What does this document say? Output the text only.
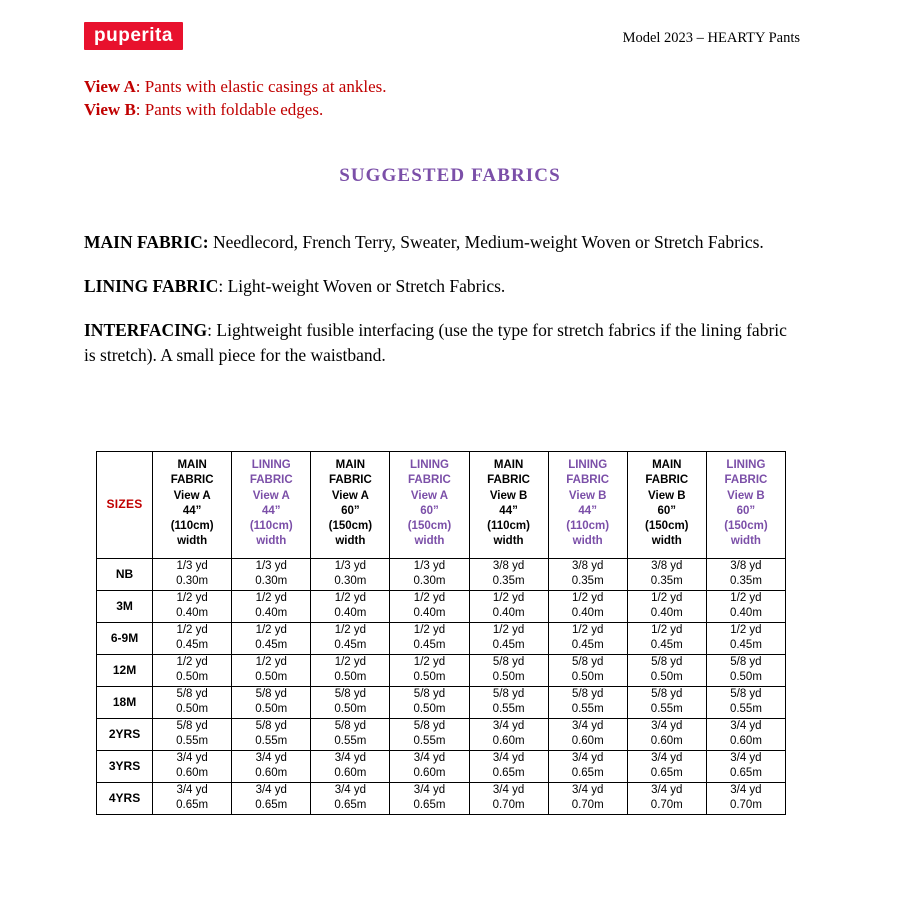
puperita	Model 2023 – HEARTY Pants
View A: Pants with elastic casings at ankles.
View B: Pants with foldable edges.
SUGGESTED FABRICS
MAIN FABRIC: Needlecord, French Terry, Sweater, Medium-weight Woven or Stretch Fabrics.
LINING FABRIC: Light-weight Woven or Stretch Fabrics.
INTERFACING: Lightweight fusible interfacing (use the type for stretch fabrics if the lining fabric is stretch). A small piece for the waistband.
SIZES	MAIN
FABRIC
View A
44”
(110cm)
width	LINING
FABRIC
View A
44”
(110cm)
width	MAIN
FABRIC
View A
60”
(150cm)
width	LINING
FABRIC
View A
60”
(150cm)
width	MAIN
FABRIC
View B
44”
(110cm)
width	LINING
FABRIC
View B
44”
(110cm)
width	MAIN
FABRIC
View B
60”
(150cm)
width	LINING
FABRIC
View B
60”
(150cm)
width
NB	1/3 yd
0.30m	1/3 yd
0.30m	1/3 yd
0.30m	1/3 yd
0.30m	3/8 yd
0.35m	3/8 yd
0.35m	3/8 yd
0.35m	3/8 yd
0.35m

3M	1/2 yd
0.40m	1/2 yd
0.40m	1/2 yd
0.40m	1/2 yd
0.40m	1/2 yd
0.40m	1/2 yd
0.40m	1/2 yd
0.40m	1/2 yd
0.40m

6-9M	1/2 yd
0.45m	1/2 yd
0.45m	1/2 yd
0.45m	1/2 yd
0.45m	1/2 yd
0.45m	1/2 yd
0.45m	1/2 yd
0.45m	1/2 yd
0.45m

12M	1/2 yd
0.50m	1/2 yd
0.50m	1/2 yd
0.50m	1/2 yd
0.50m	5/8 yd
0.50m	5/8 yd
0.50m	5/8 yd
0.50m	5/8 yd
0.50m

18M	5/8 yd
0.50m	5/8 yd
0.50m	5/8 yd
0.50m	5/8 yd
0.50m	5/8 yd
0.55m	5/8 yd
0.55m	5/8 yd
0.55m	5/8 yd
0.55m

2YRS	5/8 yd
0.55m	5/8 yd
0.55m	5/8 yd
0.55m	5/8 yd
0.55m	3/4 yd
0.60m	3/4 yd
0.60m	3/4 yd
0.60m	3/4 yd
0.60m

3YRS	3/4 yd
0.60m	3/4 yd
0.60m	3/4 yd
0.60m	3/4 yd
0.60m	3/4 yd
0.65m	3/4 yd
0.65m	3/4 yd
0.65m	3/4 yd
0.65m

4YRS	3/4 yd
0.65m	3/4 yd
0.65m	3/4 yd
0.65m	3/4 yd
0.65m	3/4 yd
0.70m	3/4 yd
0.70m	3/4 yd
0.70m	3/4 yd
0.70m
